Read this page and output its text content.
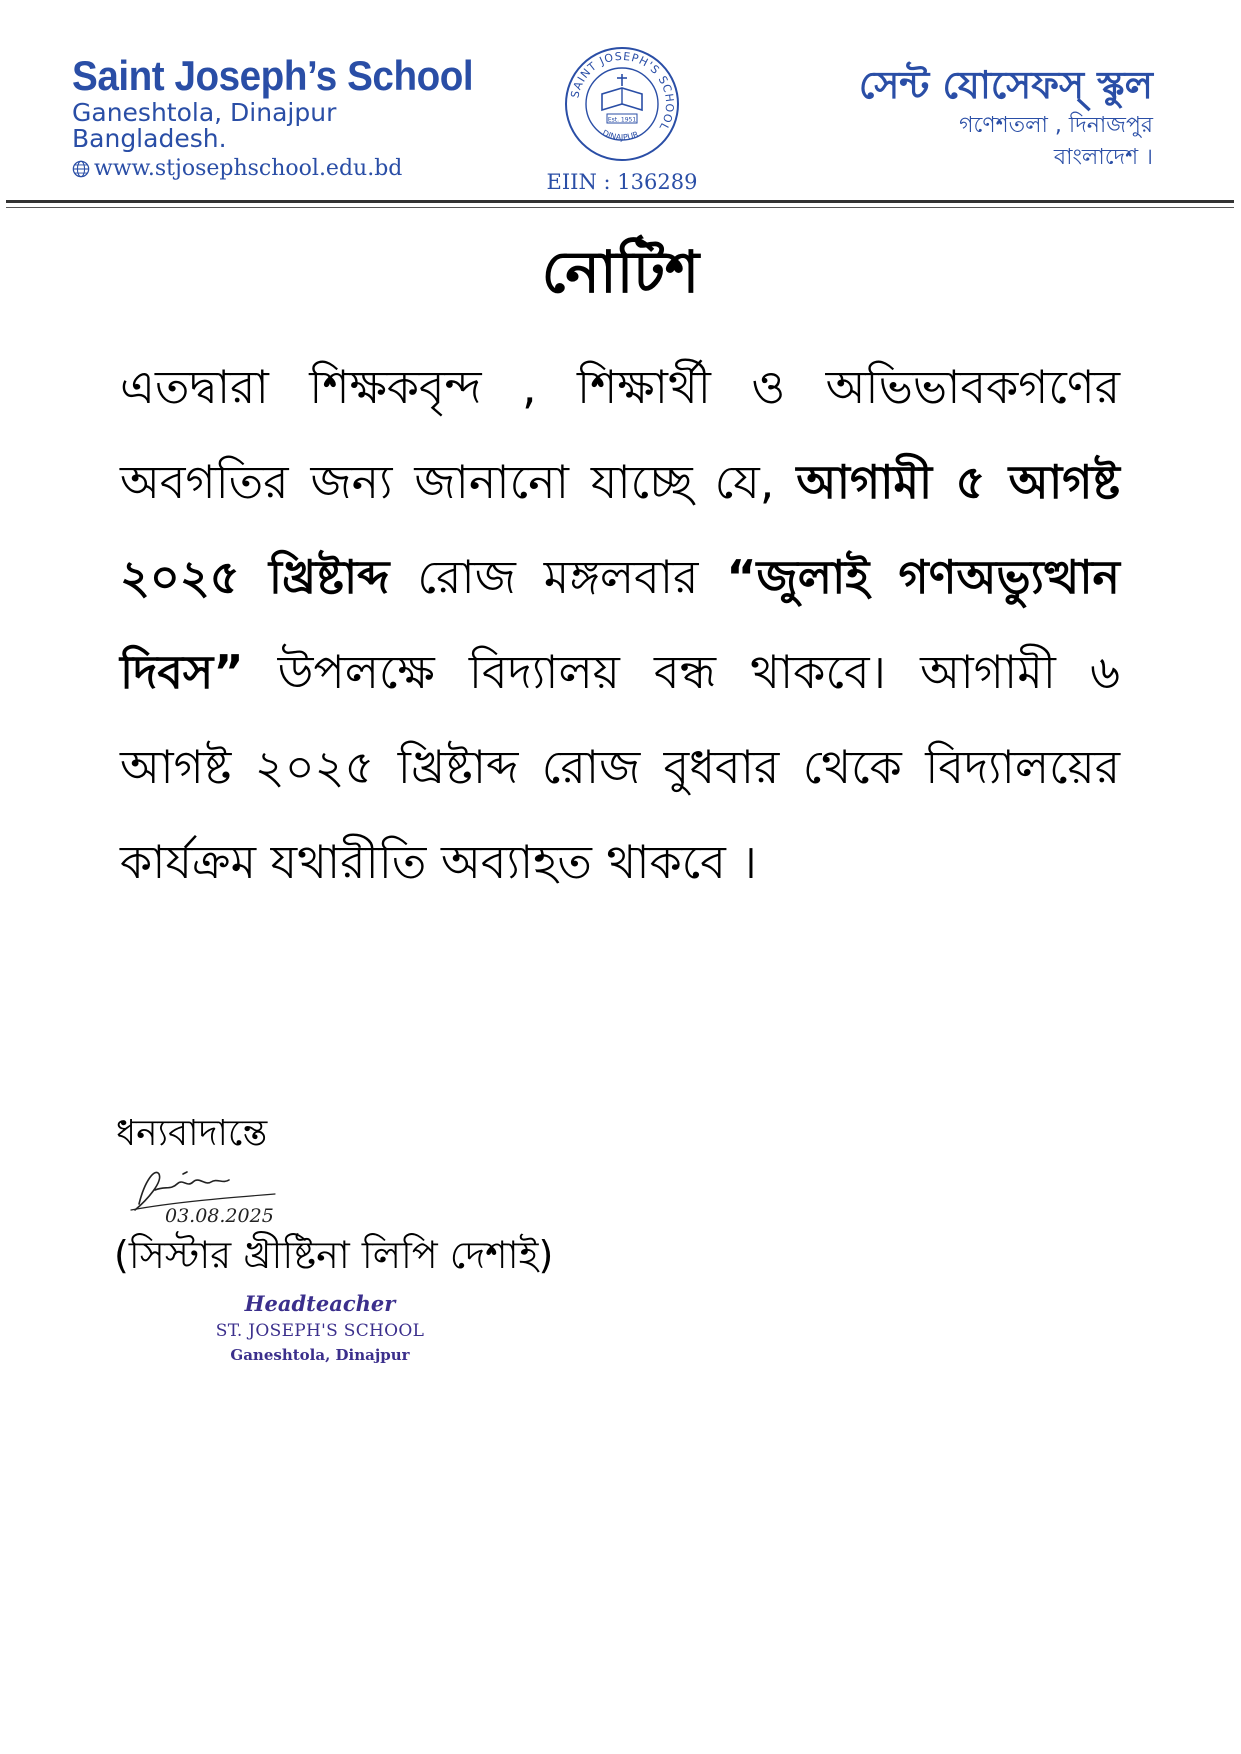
Saint Joseph’s School
Ganeshtola, Dinajpur
Bangladesh.
www.stjosephschool.edu.bd
SAINT JOSEPH'S SCHOOL
Est. 1951
DINAJPUR
EIIN : 136289
সেন্ট যোসেফস্ স্কুল
গণেশতলা , দিনাজপুর
বাংলাদেশ ।
নোটিশ
এতদ্বারা শিক্ষকবৃন্দ , শিক্ষার্থী ও অভিভাবকগণের অবগতির জন্য জানানো যাচ্ছে যে, আগামী ৫ আগষ্ট ২০২৫ খ্রিষ্টাব্দ রোজ মঙ্গলবার “জুলাই গণঅভ্যুত্থান দিবস” উপলক্ষে বিদ্যালয় বন্ধ থাকবে। আগামী ৬ আগষ্ট ২০২৫ খ্রিষ্টাব্দ রোজ বুধবার থেকে বিদ্যালয়ের কার্যক্রম যথারীতি অব্যাহত থাকবে ।
ধন্যবাদান্তে
03.08.2025
(সিস্টার খ্রীষ্টিনা লিপি দেশাই)
Headteacher
ST. JOSEPH'S SCHOOL
Ganeshtola, Dinajpur
